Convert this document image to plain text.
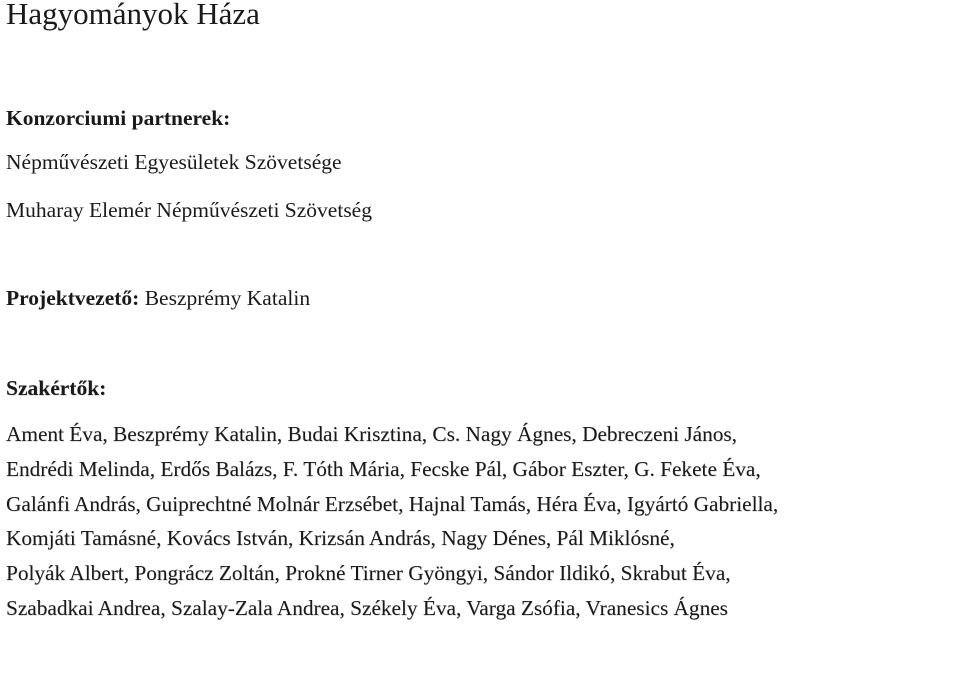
Hagyományok Háza
Konzorciumi partnerek:
Népművészeti Egyesületek Szövetsége
Muharay Elemér Népművészeti Szövetség
Projektvezető: Beszprémy Katalin
Szakértők:
Ament Éva, Beszprémy Katalin, Budai Krisztina, Cs. Nagy Ágnes, Debreczeni János,
Endrédi Melinda, Erdős Balázs, F. Tóth Mária, Fecske Pál, Gábor Eszter, G. Fekete Éva,
Galánfi András, Guiprechtné Molnár Erzsébet, Hajnal Tamás, Héra Éva, Igyártó Gabriella,
Komjáti Tamásné, Kovács István, Krizsán András, Nagy Dénes, Pál Miklósné,
Polyák Albert, Pongrácz Zoltán, Prokné Tirner Gyöngyi, Sándor Ildikó, Skrabut Éva,
Szabadkai Andrea, Szalay-Zala Andrea, Székely Éva, Varga Zsófia, Vranesics Ágnes
